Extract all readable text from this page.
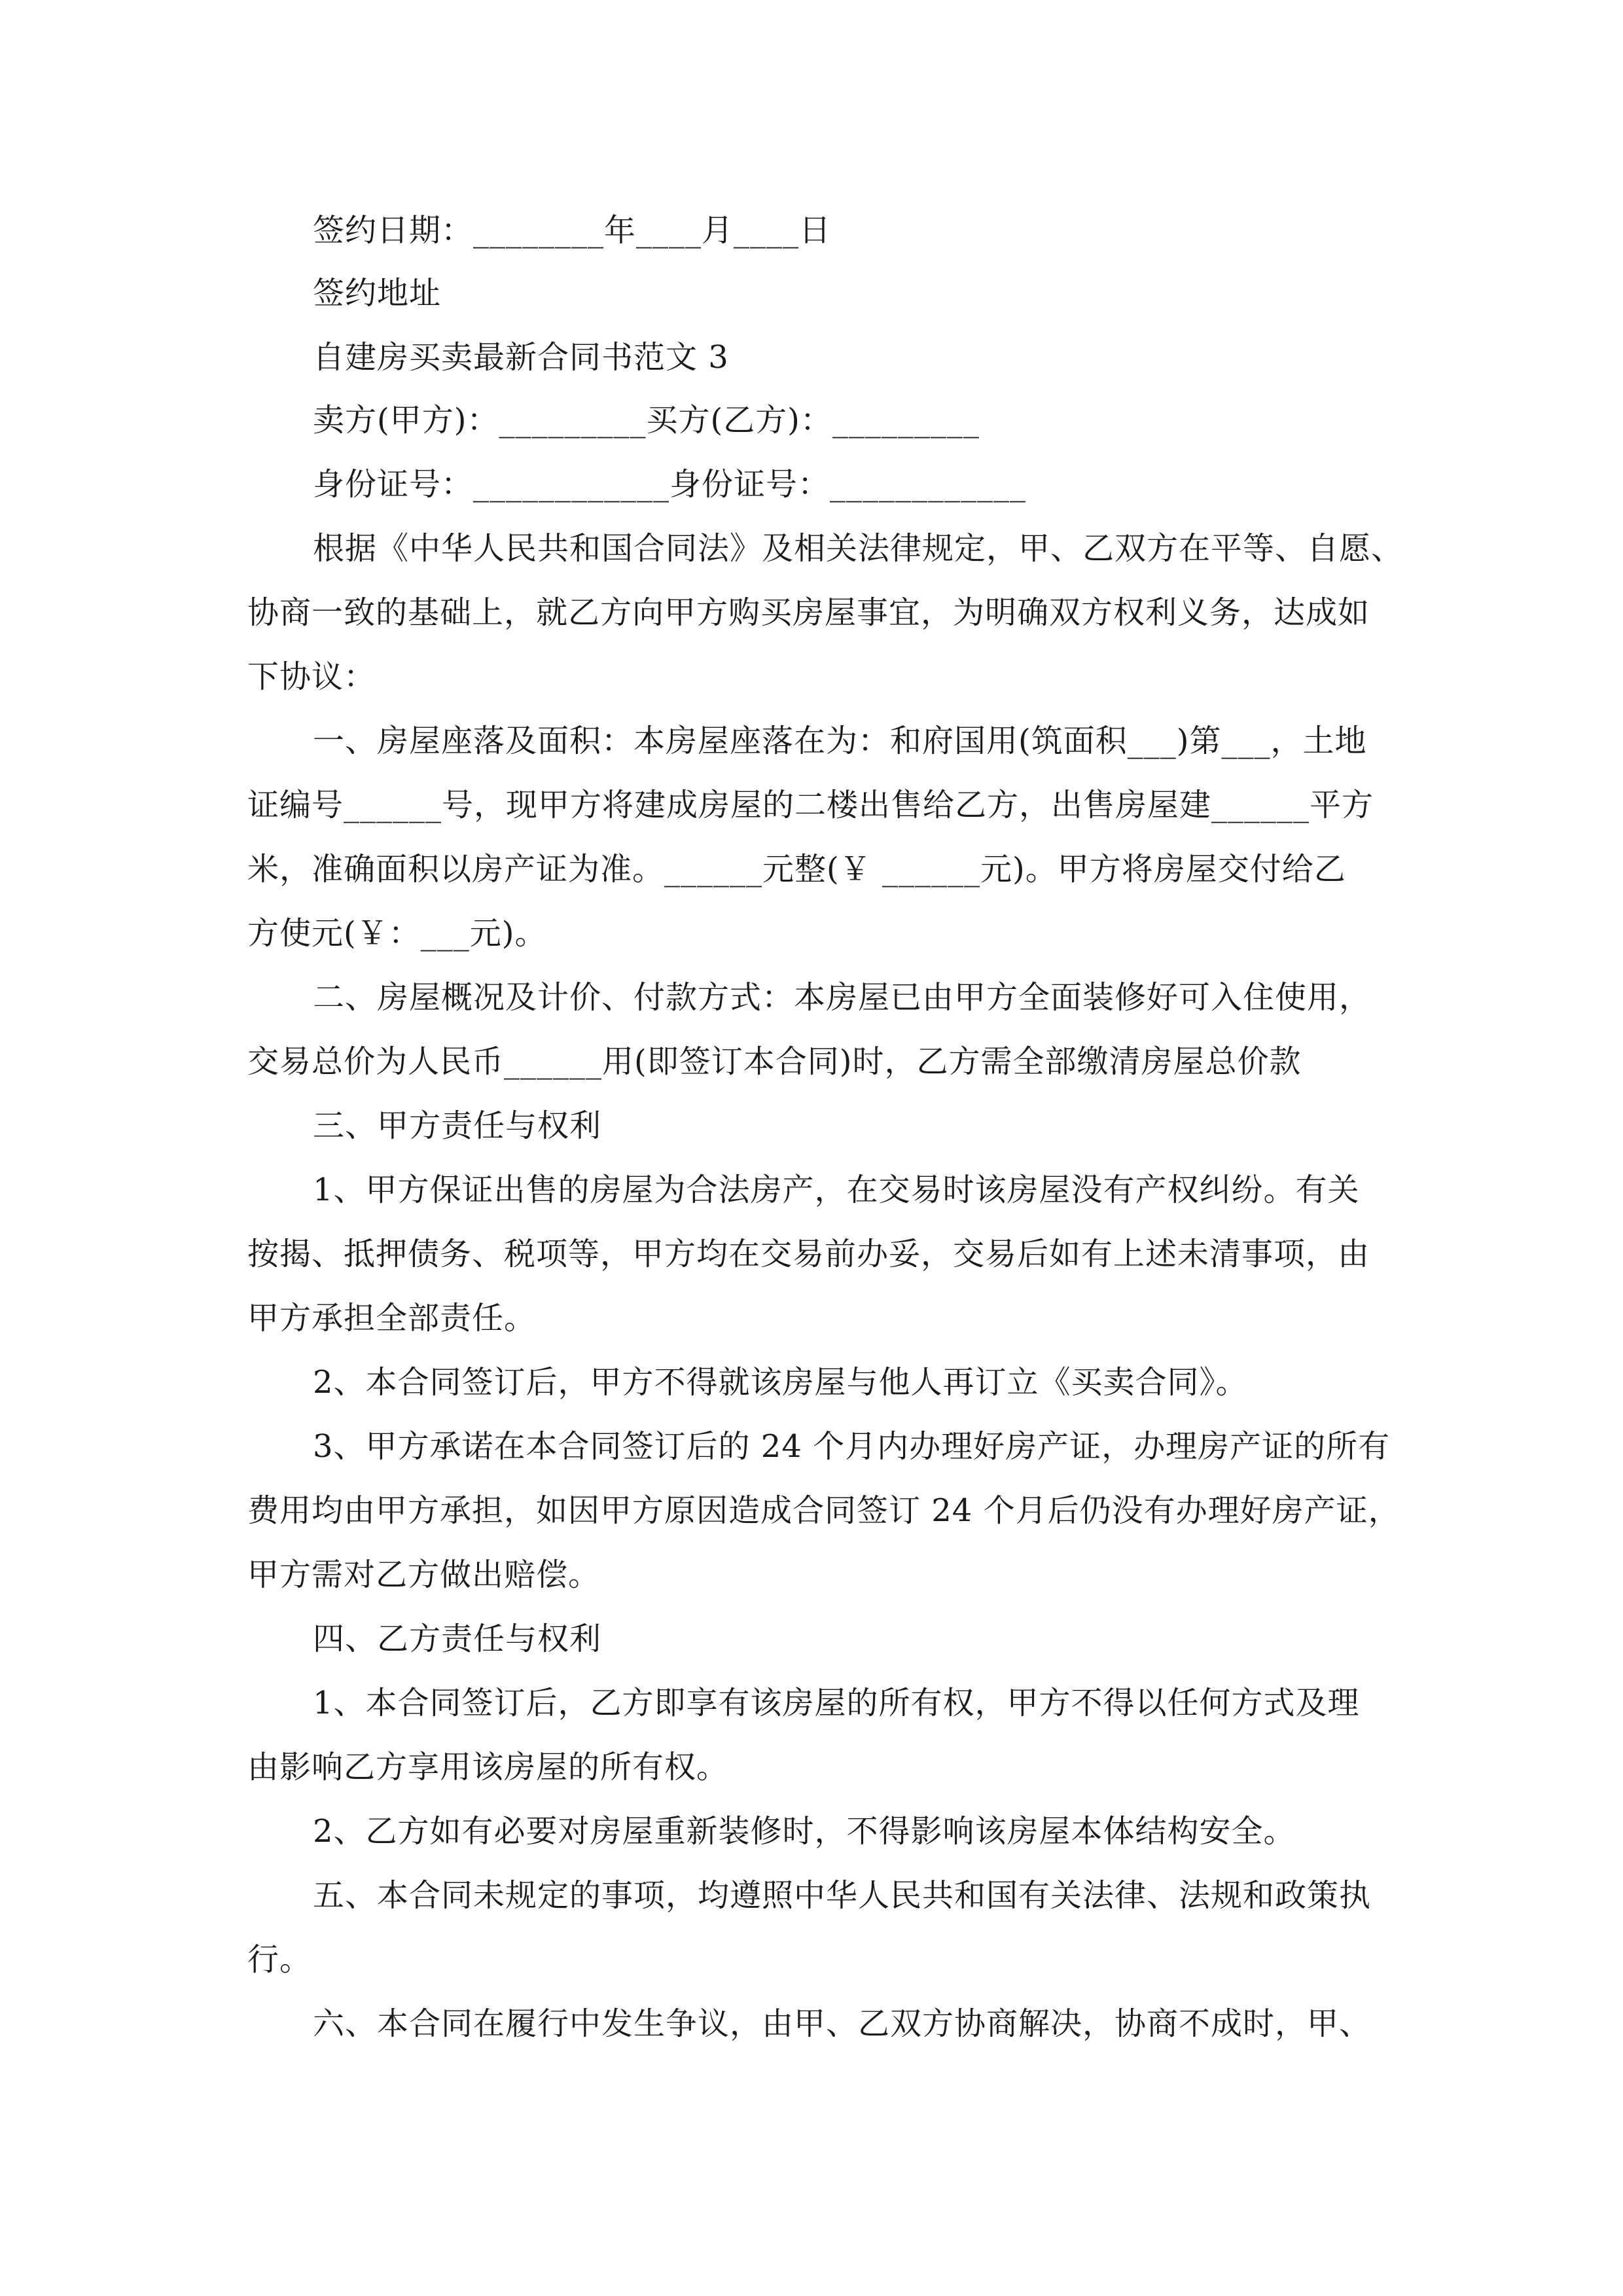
签约日期：________年____月____日
签约地址
自建房买卖最新合同书范文 3
卖方(甲方)：_________买方(乙方)：_________
身份证号：____________身份证号：____________
根据《中华人民共和国合同法》及相关法律规定，甲、乙双方在平等、自愿、
协商一致的基础上，就乙方向甲方购买房屋事宜，为明确双方权利义务，达成如
下协议：
一、房屋座落及面积：本房屋座落在为：和府国用(筑面积___)第___，土地
证编号______号，现甲方将建成房屋的二楼出售给乙方，出售房屋建______平方
米，准确面积以房产证为准。______元整(￥ ______元)。甲方将房屋交付给乙
方使元(￥：___元)。
二、房屋概况及计价、付款方式：本房屋已由甲方全面装修好可入住使用，
交易总价为人民币______用(即签订本合同)时，乙方需全部缴清房屋总价款
三、甲方责任与权利
1、甲方保证出售的房屋为合法房产，在交易时该房屋没有产权纠纷。有关
按揭、抵押债务、税项等，甲方均在交易前办妥，交易后如有上述未清事项，由
甲方承担全部责任。
2、本合同签订后，甲方不得就该房屋与他人再订立《买卖合同》。
3、甲方承诺在本合同签订后的 24 个月内办理好房产证，办理房产证的所有
费用均由甲方承担，如因甲方原因造成合同签订 24 个月后仍没有办理好房产证，
甲方需对乙方做出赔偿。
四、乙方责任与权利
1、本合同签订后，乙方即享有该房屋的所有权，甲方不得以任何方式及理
由影响乙方享用该房屋的所有权。
2、乙方如有必要对房屋重新装修时，不得影响该房屋本体结构安全。
五、本合同未规定的事项，均遵照中华人民共和国有关法律、法规和政策执
行。
六、本合同在履行中发生争议，由甲、乙双方协商解决，协商不成时，甲、
